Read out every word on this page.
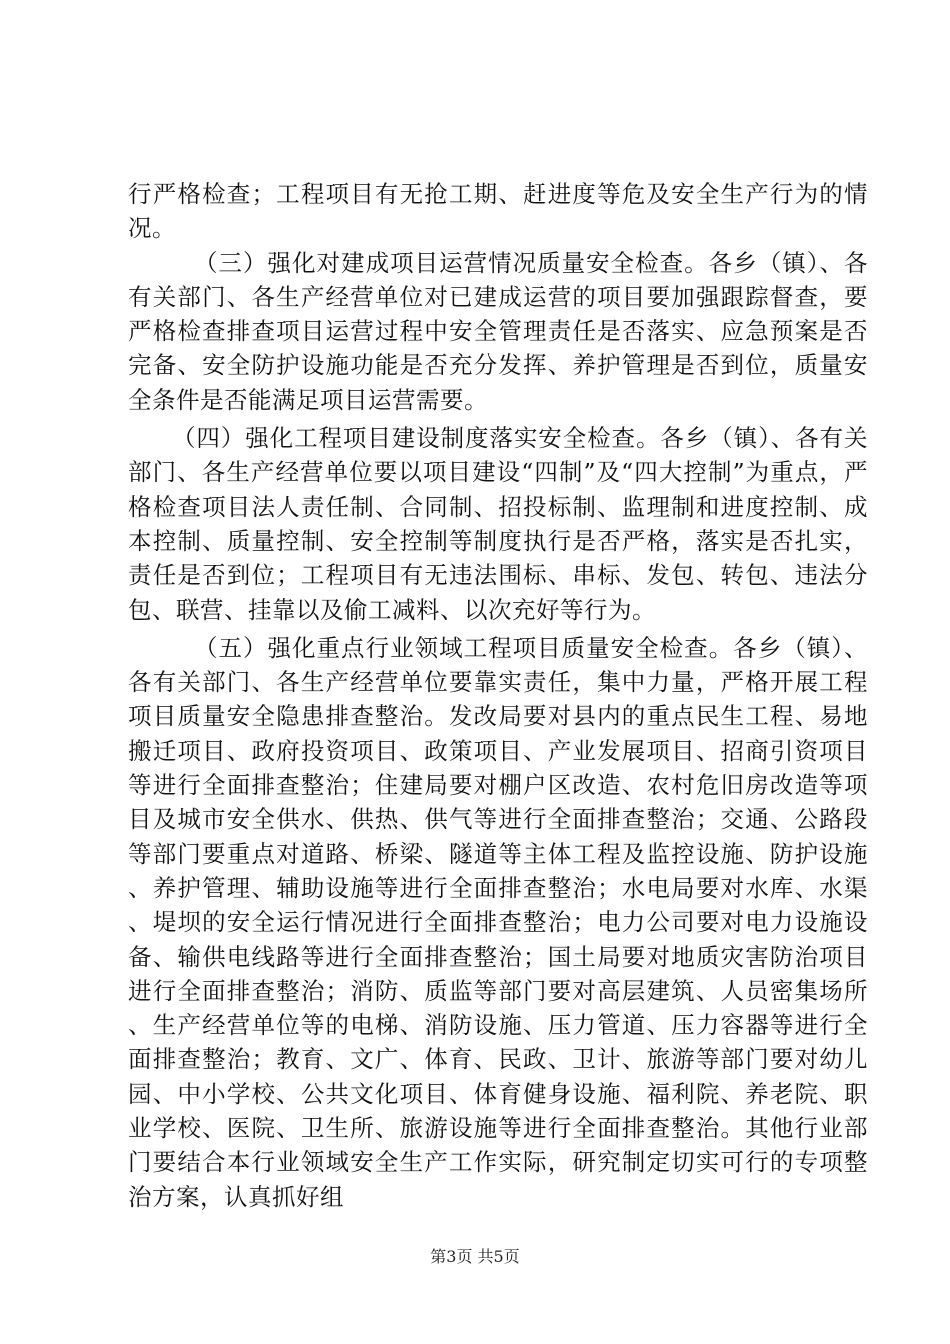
行严格检查；工程项目有无抢工期、赶进度等危及安全生产行为的情况。

（三）强化对建成项目运营情况质量安全检查。各乡（镇）、各有关部门、各生产经营单位对已建成运营的项目要加强跟踪督查，要严格检查排查项目运营过程中安全管理责任是否落实、应急预案是否完备、安全防护设施功能是否充分发挥、养护管理是否到位，质量安全条件是否能满足项目运营需要。

（四）强化工程项目建设制度落实安全检查。各乡（镇）、各有关部门、各生产经营单位要以项目建设“四制”及“四大控制”为重点，严格检查项目法人责任制、合同制、招投标制、监理制和进度控制、成本控制、质量控制、安全控制等制度执行是否严格，落实是否扎实，责任是否到位；工程项目有无违法围标、串标、发包、转包、违法分包、联营、挂靠以及偷工减料、以次充好等行为。

（五）强化重点行业领域工程项目质量安全检查。各乡（镇）、各有关部门、各生产经营单位要靠实责任，集中力量，严格开展工程项目质量安全隐患排查整治。发改局要对县内的重点民生工程、易地搬迁项目、政府投资项目、政策项目、产业发展项目、招商引资项目等进行全面排查整治；住建局要对棚户区改造、农村危旧房改造等项目及城市安全供水、供热、供气等进行全面排查整治；交通、公路段等部门要重点对道路、桥梁、隧道等主体工程及监控设施、防护设施、养护管理、辅助设施等进行全面排查整治；水电局要对水库、水渠、堤坝的安全运行情况进行全面排查整治；电力公司要对电力设施设备、输供电线路等进行全面排查整治；国土局要对地质灾害防治项目进行全面排查整治；消防、质监等部门要对高层建筑、人员密集场所、生产经营单位等的电梯、消防设施、压力管道、压力容器等进行全面排查整治；教育、文广、体育、民政、卫计、旅游等部门要对幼儿园、中小学校、公共文化项目、体育健身设施、福利院、养老院、职业学校、医院、卫生所、旅游设施等进行全面排查整治。其他行业部门要结合本行业领域安全生产工作实际，研究制定切实可行的专项整治方案，认真抓好组

第3页 共5页
